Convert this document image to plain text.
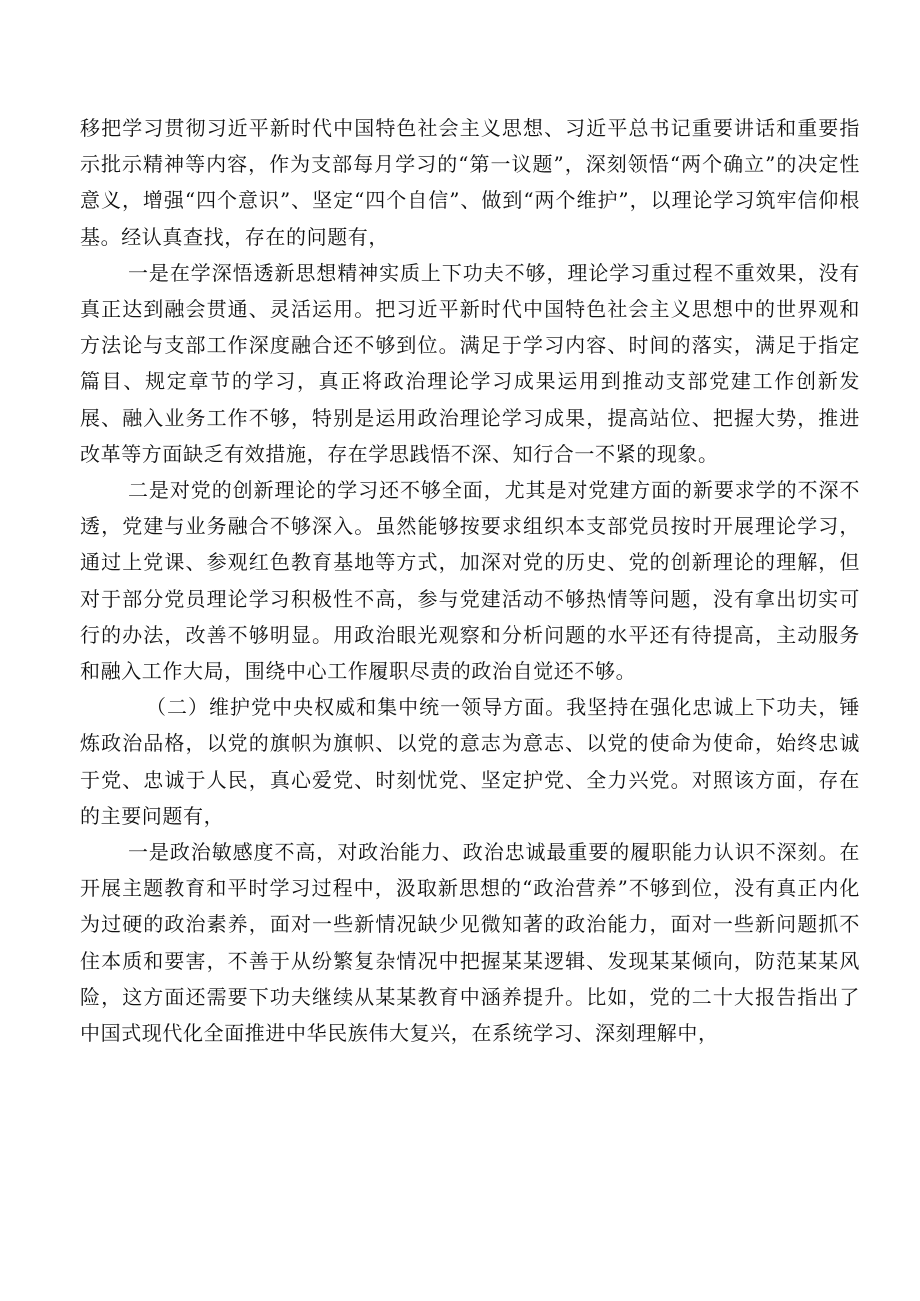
移把学习贯彻习近平新时代中国特色社会主义思想、习近平总书记重要讲话和重要指示批示精神等内容，作为支部每月学习的“第一议题”，深刻领悟“两个确立”的决定性意义，增强“四个意识”、坚定“四个自信”、做到“两个维护”，以理论学习筑牢信仰根基。经认真查找，存在的问题有，

一是在学深悟透新思想精神实质上下功夫不够，理论学习重过程不重效果，没有真正达到融会贯通、灵活运用。把习近平新时代中国特色社会主义思想中的世界观和方法论与支部工作深度融合还不够到位。满足于学习内容、时间的落实，满足于指定篇目、规定章节的学习，真正将政治理论学习成果运用到推动支部党建工作创新发展、融入业务工作不够，特别是运用政治理论学习成果，提高站位、把握大势，推进改革等方面缺乏有效措施，存在学思践悟不深、知行合一不紧的现象。

二是对党的创新理论的学习还不够全面，尤其是对党建方面的新要求学的不深不透，党建与业务融合不够深入。虽然能够按要求组织本支部党员按时开展理论学习，通过上党课、参观红色教育基地等方式，加深对党的历史、党的创新理论的理解，但对于部分党员理论学习积极性不高，参与党建活动不够热情等问题，没有拿出切实可行的办法，改善不够明显。用政治眼光观察和分析问题的水平还有待提高，主动服务和融入工作大局，围绕中心工作履职尽责的政治自觉还不够。

（二）维护党中央权威和集中统一领导方面。我坚持在强化忠诚上下功夫，锤炼政治品格，以党的旗帜为旗帜、以党的意志为意志、以党的使命为使命，始终忠诚于党、忠诚于人民，真心爱党、时刻忧党、坚定护党、全力兴党。对照该方面，存在的主要问题有，

一是政治敏感度不高，对政治能力、政治忠诚最重要的履职能力认识不深刻。在开展主题教育和平时学习过程中，汲取新思想的“政治营养”不够到位，没有真正内化为过硬的政治素养，面对一些新情况缺少见微知著的政治能力，面对一些新问题抓不住本质和要害，不善于从纷繁复杂情况中把握某某逻辑、发现某某倾向，防范某某风险，这方面还需要下功夫继续从某某教育中涵养提升。比如，党的二十大报告指出了中国式现代化全面推进中华民族伟大复兴，在系统学习、深刻理解中，
